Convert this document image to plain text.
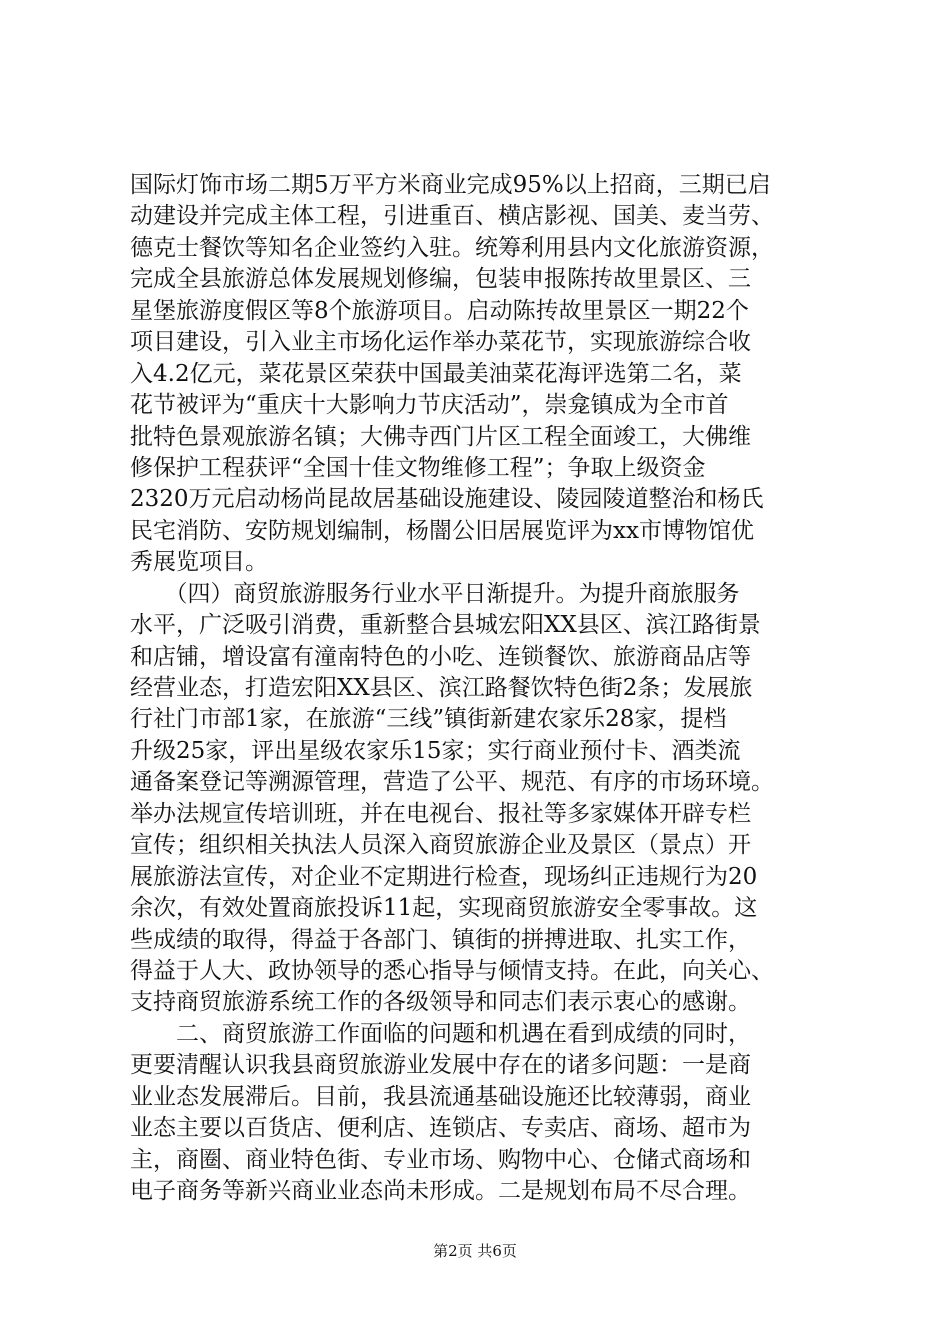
国际灯饰市场二期5万平方米商业完成95%以上招商，三期已启
动建设并完成主体工程，引进重百、横店影视、国美、麦当劳、
德克士餐饮等知名企业签约入驻。统筹利用县内文化旅游资源，
完成全县旅游总体发展规划修编，包装申报陈抟故里景区、三
星堡旅游度假区等8个旅游项目。启动陈抟故里景区一期22个
项目建设，引入业主市场化运作举办菜花节，实现旅游综合收
入4.2亿元，菜花景区荣获中国最美油菜花海评选第二名，菜
花节被评为“重庆十大影响力节庆活动”，崇龛镇成为全市首
批特色景观旅游名镇；大佛寺西门片区工程全面竣工，大佛维
修保护工程获评“全国十佳文物维修工程”；争取上级资金
2320万元启动杨尚昆故居基础设施建设、陵园陵道整治和杨氏
民宅消防、安防规划编制，杨闇公旧居展览评为xx市博物馆优
秀展览项目。
　　（四）商贸旅游服务行业水平日渐提升。为提升商旅服务
水平，广泛吸引消费，重新整合县城宏阳XX县区、滨江路街景
和店铺，增设富有潼南特色的小吃、连锁餐饮、旅游商品店等
经营业态，打造宏阳XX县区、滨江路餐饮特色街2条；发展旅
行社门市部1家，在旅游“三线”镇街新建农家乐28家，提档
升级25家，评出星级农家乐15家；实行商业预付卡、酒类流
通备案登记等溯源管理，营造了公平、规范、有序的市场环境。
举办法规宣传培训班，并在电视台、报社等多家媒体开辟专栏
宣传；组织相关执法人员深入商贸旅游企业及景区（景点）开
展旅游法宣传，对企业不定期进行检查，现场纠正违规行为20
余次，有效处置商旅投诉11起，实现商贸旅游安全零事故。这
些成绩的取得，得益于各部门、镇街的拼搏进取、扎实工作，
得益于人大、政协领导的悉心指导与倾情支持。在此，向关心、
支持商贸旅游系统工作的各级领导和同志们表示衷心的感谢。
　　二、商贸旅游工作面临的问题和机遇在看到成绩的同时，
更要清醒认识我县商贸旅游业发展中存在的诸多问题：一是商
业业态发展滞后。目前，我县流通基础设施还比较薄弱，商业
业态主要以百货店、便利店、连锁店、专卖店、商场、超市为
主，商圈、商业特色街、专业市场、购物中心、仓储式商场和
电子商务等新兴商业业态尚未形成。二是规划布局不尽合理。
第2页 共6页
